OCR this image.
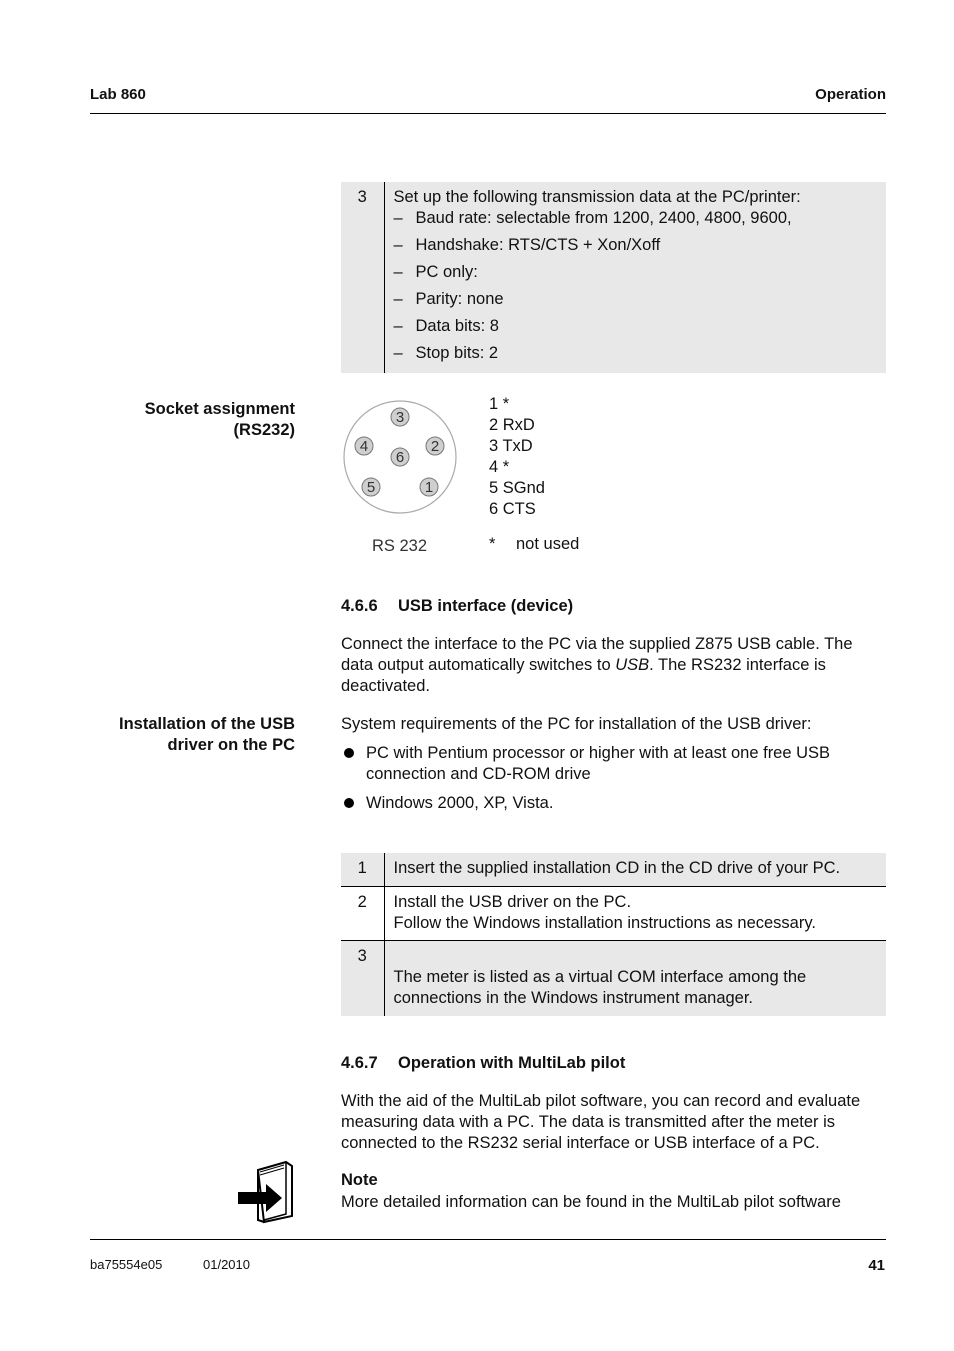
Lab 860	Operation
3	Set up the following transmission data at the PC/printer:
– Baud rate: selectable from 1200, 2400, 4800, 9600,
– Handshake: RTS/CTS + Xon/Xoff
– PC only:
– Parity: none
– Data bits: 8
– Stop bits: 2
Socket assignment
(RS232)
3
4	2
6
5	1
RS 232
1 *
2 RxD
3 TxD
4 *
5 SGnd
6 CTS
* not used
4.6.6 USB interface (device)
Connect the interface to the PC via the supplied Z875 USB cable. The data output automatically switches to USB. The RS232 interface is deactivated.
Installation of the USB
driver on the PC
System requirements of the PC for installation of the USB driver:
PC with Pentium processor or higher with at least one free USB connection and CD-ROM drive
Windows 2000, XP, Vista.
1	Insert the supplied installation CD in the CD drive of your PC.
2	Install the USB driver on the PC.
Follow the Windows installation instructions as necessary.

3	The meter is listed as a virtual COM interface among the connections in the Windows instrument manager.
4.6.7 Operation with MultiLab pilot
With the aid of the MultiLab pilot software, you can record and evaluate measuring data with a PC. The data is transmitted after the meter is connected to the RS232 serial interface or USB interface of a PC.
Note
More detailed information can be found in the MultiLab pilot software
ba75554e05	01/2010	41
